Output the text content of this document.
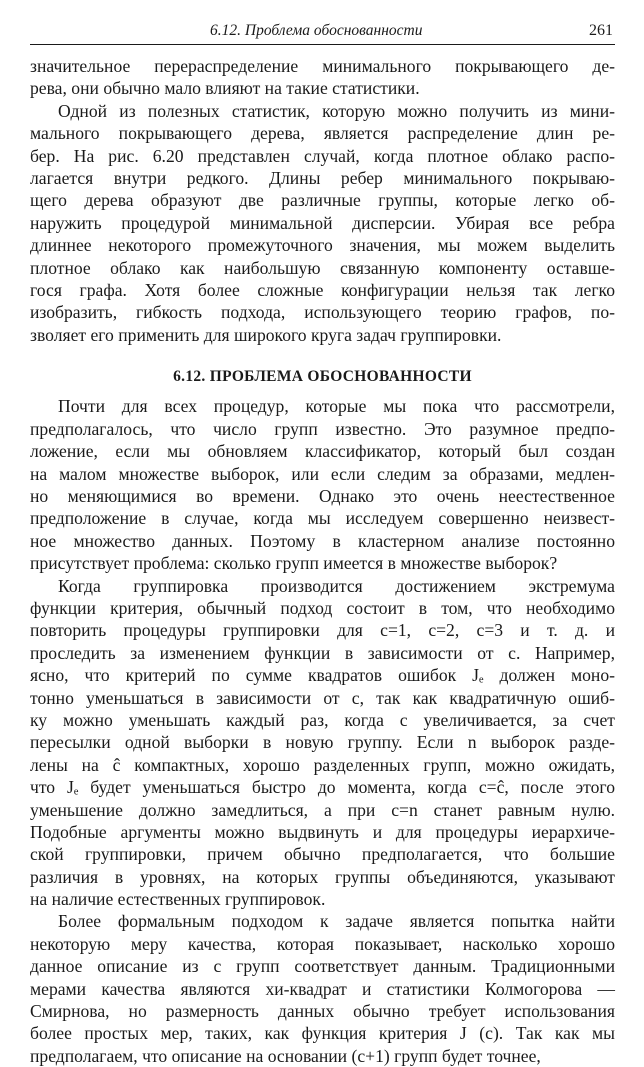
6.12. Проблема обоснованности	261
значительное перераспределение минимального покрывающего де-
рева, они обычно мало влияют на такие статистики.
Одной из полезных статистик, которую можно получить из мини-
мального покрывающего дерева, является распределение длин ре-
бер. На рис. 6.20 представлен случай, когда плотное облако распо-
лагается внутри редкого. Длины ребер минимального покрываю-
щего дерева образуют две различные группы, которые легко об-
наружить процедурой минимальной дисперсии. Убирая все ребра
длиннее некоторого промежуточного значения, мы можем выделить
плотное облако как наибольшую связанную компоненту оставше-
гося графа. Хотя более сложные конфигурации нельзя так легко
изобразить, гибкость подхода, использующего теорию графов, по-
зволяет его применить для широкого круга задач группировки.
6.12. ПРОБЛЕМА ОБОСНОВАННОСТИ
Почти для всех процедур, которые мы пока что рассмотрели,
предполагалось, что число групп известно. Это разумное предпо-
ложение, если мы обновляем классификатор, который был создан
на малом множестве выборок, или если следим за образами, медлен-
но меняющимися во времени. Однако это очень неестественное
предположение в случае, когда мы исследуем совершенно неизвест-
ное множество данных. Поэтому в кластерном анализе постоянно
присутствует проблема: сколько групп имеется в множестве выборок?
Когда группировка производится достижением экстремума
функции критерия, обычный подход состоит в том, что необходимо
повторить процедуры группировки для c=1, c=2, c=3 и т. д. и
проследить за изменением функции в зависимости от c. Например,
ясно, что критерий по сумме квадратов ошибок Jₑ должен моно-
тонно уменьшаться в зависимости от c, так как квадратичную ошиб-
ку можно уменьшать каждый раз, когда c увеличивается, за счет
пересылки одной выборки в новую группу. Если n выборок разде-
лены на ĉ компактных, хорошо разделенных групп, можно ожидать,
что Jₑ будет уменьшаться быстро до момента, когда c=ĉ, после этого
уменьшение должно замедлиться, а при c=n станет равным нулю.
Подобные аргументы можно выдвинуть и для процедуры иерархиче-
ской группировки, причем обычно предполагается, что большие
различия в уровнях, на которых группы объединяются, указывают
на наличие естественных группировок.
Более формальным подходом к задаче является попытка найти
некоторую меру качества, которая показывает, насколько хорошо
данное описание из c групп соответствует данным. Традиционными
мерами качества являются хи-квадрат и статистики Колмогорова —
Смирнова, но размерность данных обычно требует использования
более простых мер, таких, как функция критерия J (c). Так как мы
предполагаем, что описание на основании (c+1) групп будет точнее,
